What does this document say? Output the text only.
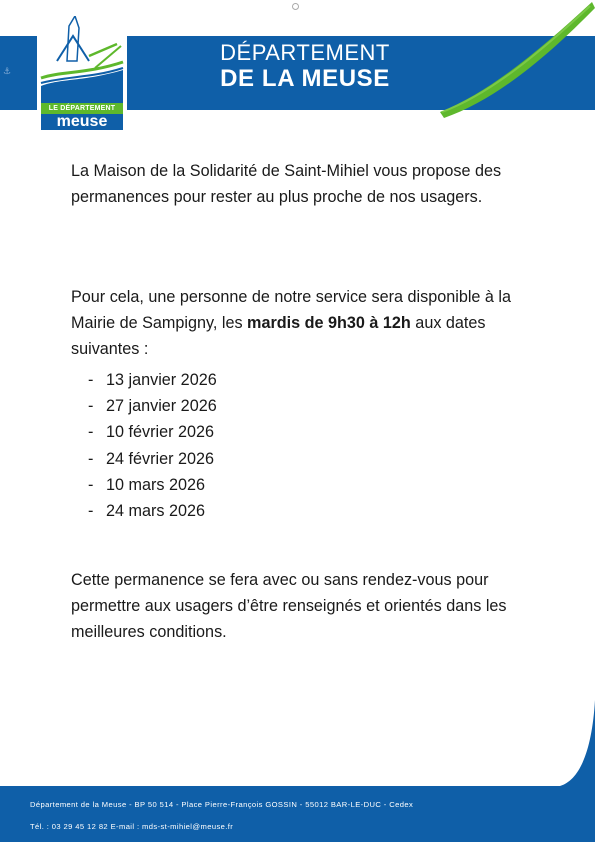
⚓
DÉPARTEMENT
DE LA MEUSE
LE DÉPARTEMENT
meuse

La Maison de la Solidarité de Saint-Mihiel vous propose des permanences pour rester au plus proche de nos usagers.

Pour cela, une personne de notre service sera disponible à la Mairie de Sampigny, les mardis de 9h30 à 12h aux dates suivantes :

- 13 janvier 2026
- 27 janvier 2026
- 10 février 2026
- 24 février 2026
- 10 mars 2026
- 24 mars 2026

Cette permanence se fera avec ou sans rendez-vous pour permettre aux usagers d’être renseignés et orientés dans les meilleures conditions.

Département de la Meuse - BP 50 514 - Place Pierre-François GOSSIN - 55012 BAR-LE-DUC - Cedex
Tél. : 03 29 45 12 82 E-mail : mds-st-mihiel@meuse.fr
